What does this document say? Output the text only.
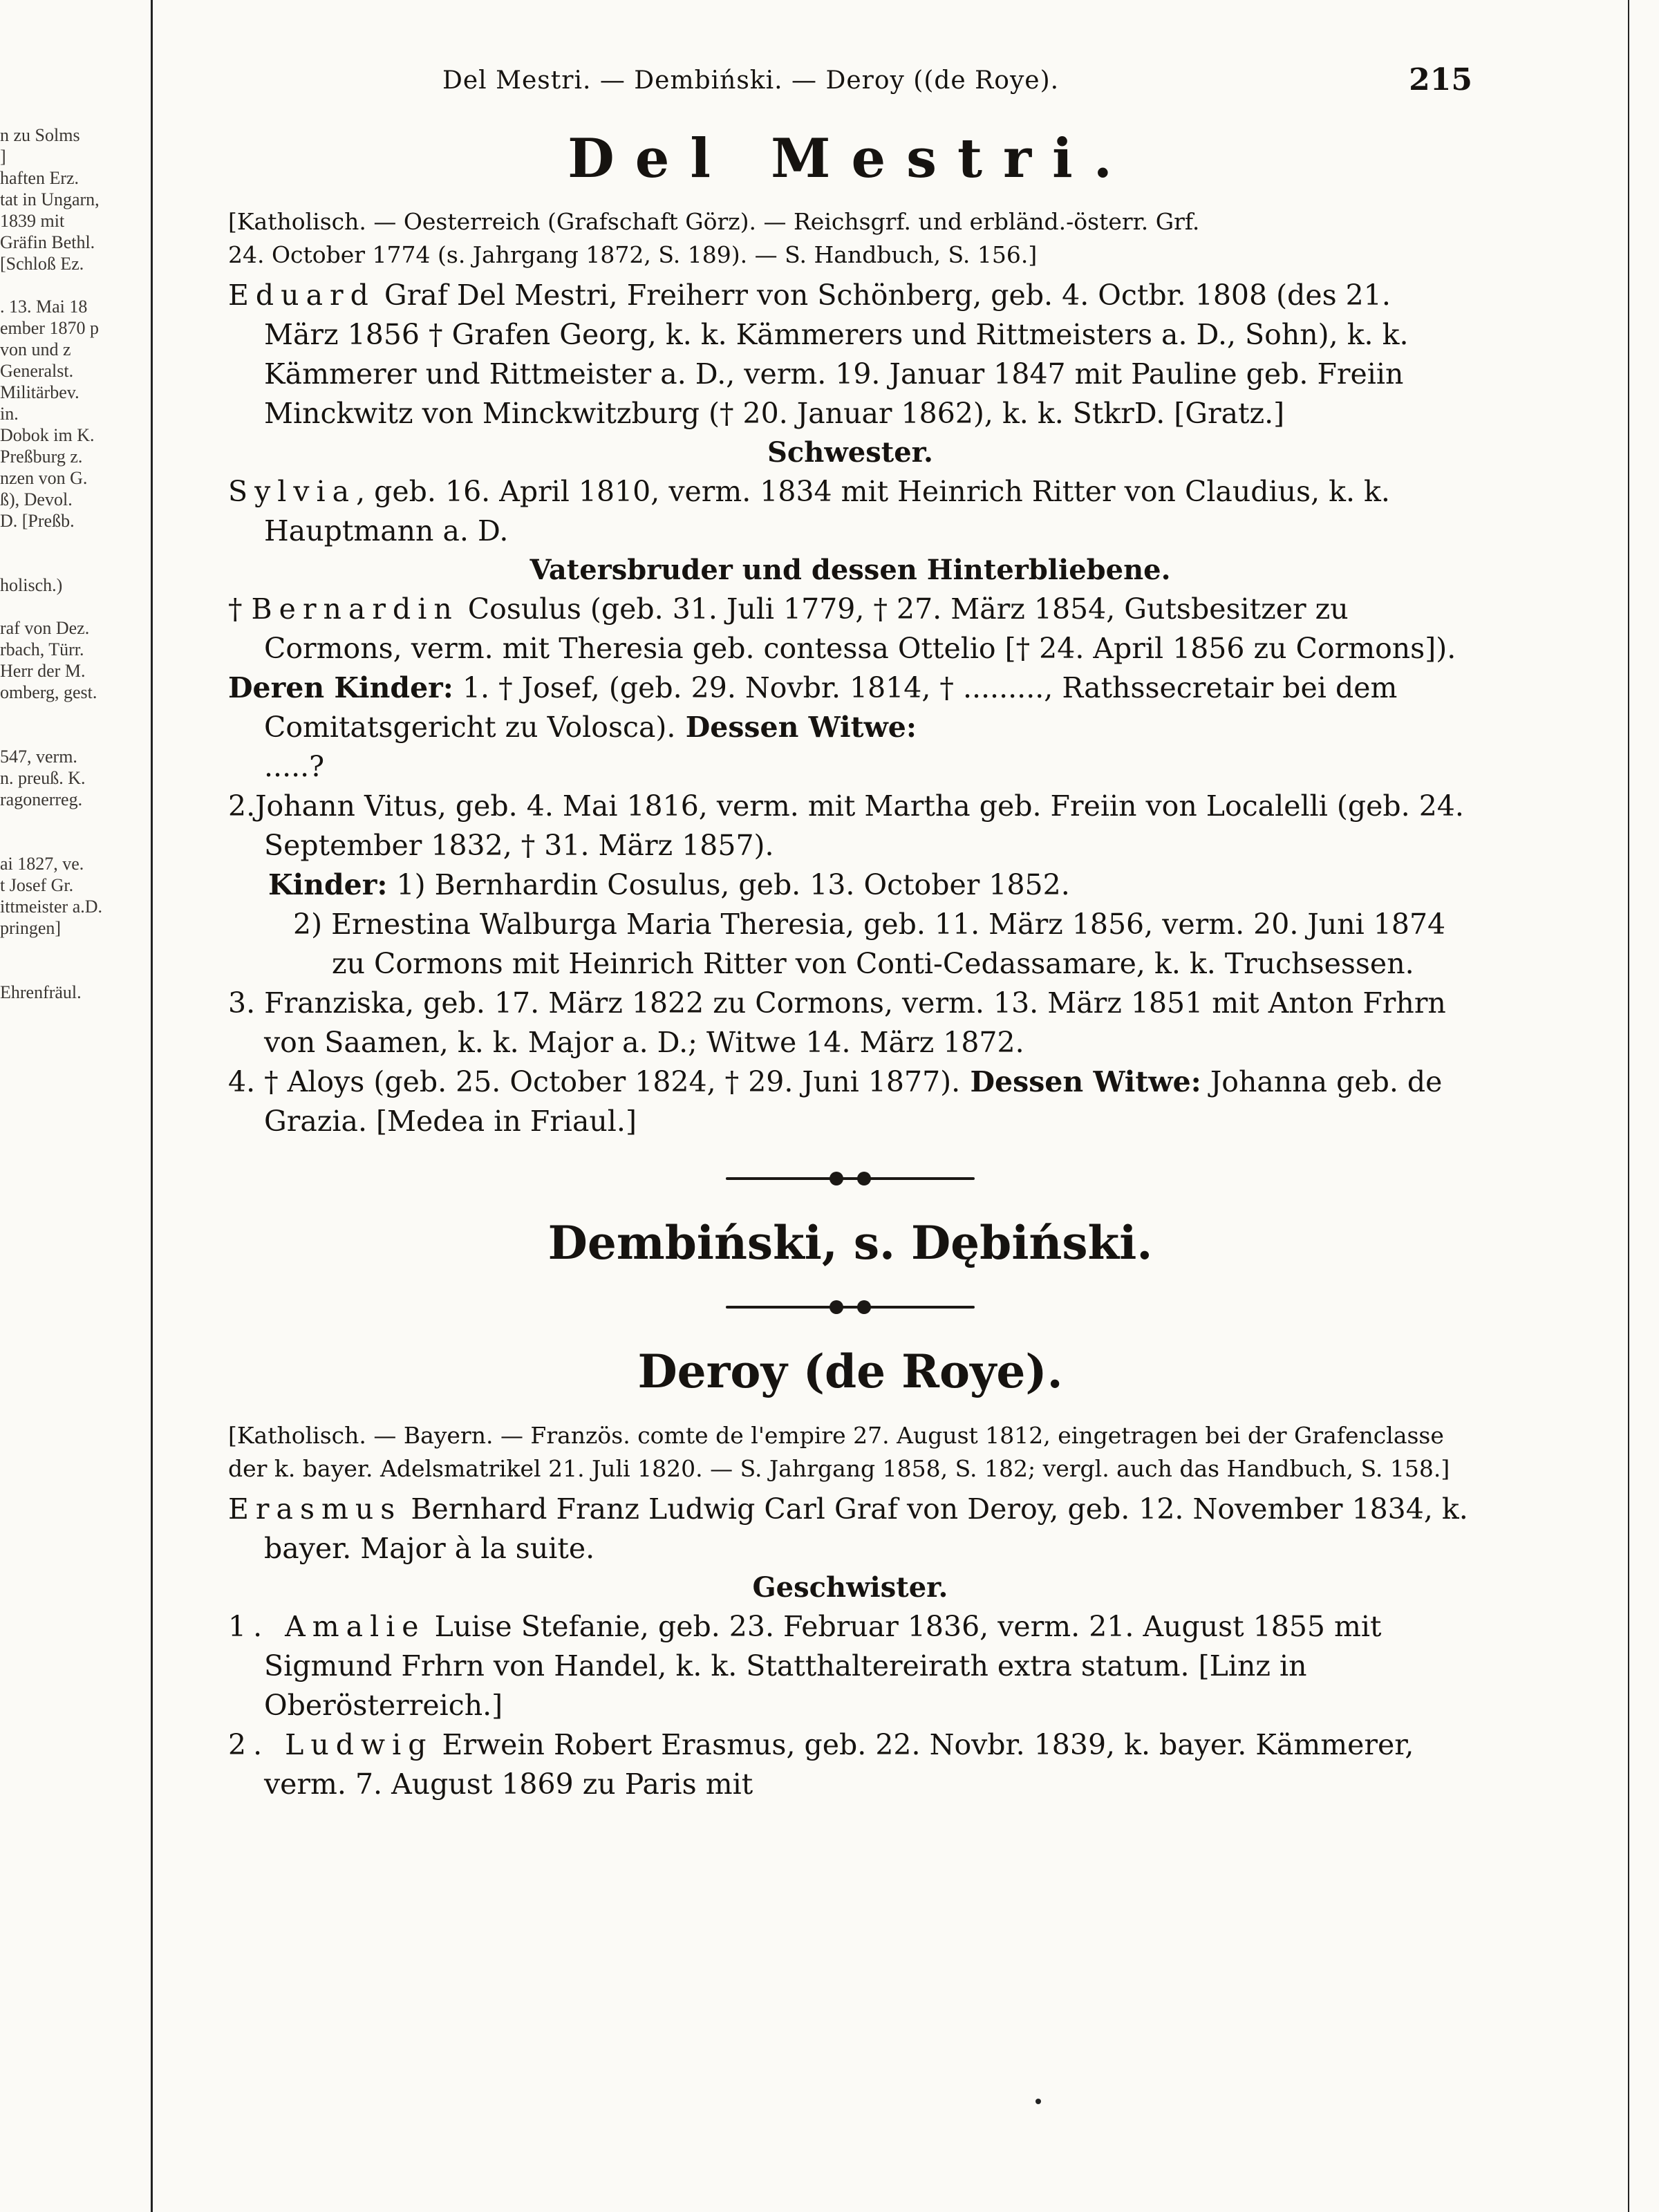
n zu Solms
]
haften Erz.
tat in Ungarn,
1839 mit
Gräfin Bethl.
[Schloß Ez.
. 13. Mai 18
ember 1870 p
von und z
Generalst.
Militärbev.
in.
Dobok im K.
Preßburg z.
nzen von G.
ß), Devol.
D. [Preßb.
holisch.)
raf von Dez.
rbach, Türr.
Herr der M.
omberg, gest.
547, verm.
n. preuß. K.
ragonerreg.
ai 1827, ve.
t Josef Gr.
ittmeister a.D.
pringen]
Ehrenfräul.
Del Mestri. — Dembiński. — Deroy ((de Roye).	215
Del Mestri.

[Katholisch. — Oesterreich (Grafschaft Görz). — Reichsgrf. und erbländ.-österr. Grf.
24. October 1774 (s. Jahrgang 1872, S. 189). — S. Handbuch, S. 156.]

Eduard Graf Del Mestri, Freiherr von Schönberg, geb. 4. Octbr. 1808 (des 21. März 1856 † Grafen Georg, k. k. Kämmerers und Rittmeisters a. D., Sohn), k. k. Kämmerer und Rittmeister a. D., verm. 19. Januar 1847 mit Pauline geb. Freiin Minckwitz von Minckwitzburg († 20. Januar 1862), k. k. StkrD. [Gratz.]

Schwester.

Sylvia, geb. 16. April 1810, verm. 1834 mit Heinrich Ritter von Claudius, k. k. Hauptmann a. D.

Vatersbruder und dessen Hinterbliebene.

† Bernardin Cosulus (geb. 31. Juli 1779, † 27. März 1854, Gutsbesitzer zu Cormons, verm. mit Theresia geb. contessa Ottelio [† 24. April 1856 zu Cormons]).

Deren Kinder: 1. † Josef, (geb. 29. Novbr. 1814, † ........., Rathssecretair bei dem Comitatsgericht zu Volosca). Dessen Witwe:
.....?

2.Johann Vitus, geb. 4. Mai 1816, verm. mit Martha geb. Freiin von Localelli (geb. 24. September 1832, † 31. März 1857).

Kinder: 1) Bernhardin Cosulus, geb. 13. October 1852.

2) Ernestina Walburga Maria Theresia, geb. 11. März 1856, verm. 20. Juni 1874 zu Cormons mit Heinrich Ritter von Conti-Cedassamare, k. k. Truchsessen.

3. Franziska, geb. 17. März 1822 zu Cormons, verm. 13. März 1851 mit Anton Frhrn von Saamen, k. k. Major a. D.; Witwe 14. März 1872.

4. † Aloys (geb. 25. October 1824, † 29. Juni 1877). Dessen Witwe: Johanna geb. de Grazia. [Medea in Friaul.]

Dembiński, s. Dębiński.
Deroy (de Roye).

[Katholisch. — Bayern. — Französ. comte de l'empire 27. August 1812, eingetragen bei der Grafenclasse der k. bayer. Adelsmatrikel 21. Juli 1820. — S. Jahrgang 1858, S. 182; vergl. auch das Handbuch, S. 158.]

Erasmus Bernhard Franz Ludwig Carl Graf von Deroy, geb. 12. November 1834, k. bayer. Major à la suite.

Geschwister.

1. Amalie Luise Stefanie, geb. 23. Februar 1836, verm. 21. August 1855 mit Sigmund Frhrn von Handel, k. k. Statthaltereirath extra statum. [Linz in Oberösterreich.]

2. Ludwig Erwein Robert Erasmus, geb. 22. Novbr. 1839, k. bayer. Kämmerer, verm. 7. August 1869 zu Paris mit
